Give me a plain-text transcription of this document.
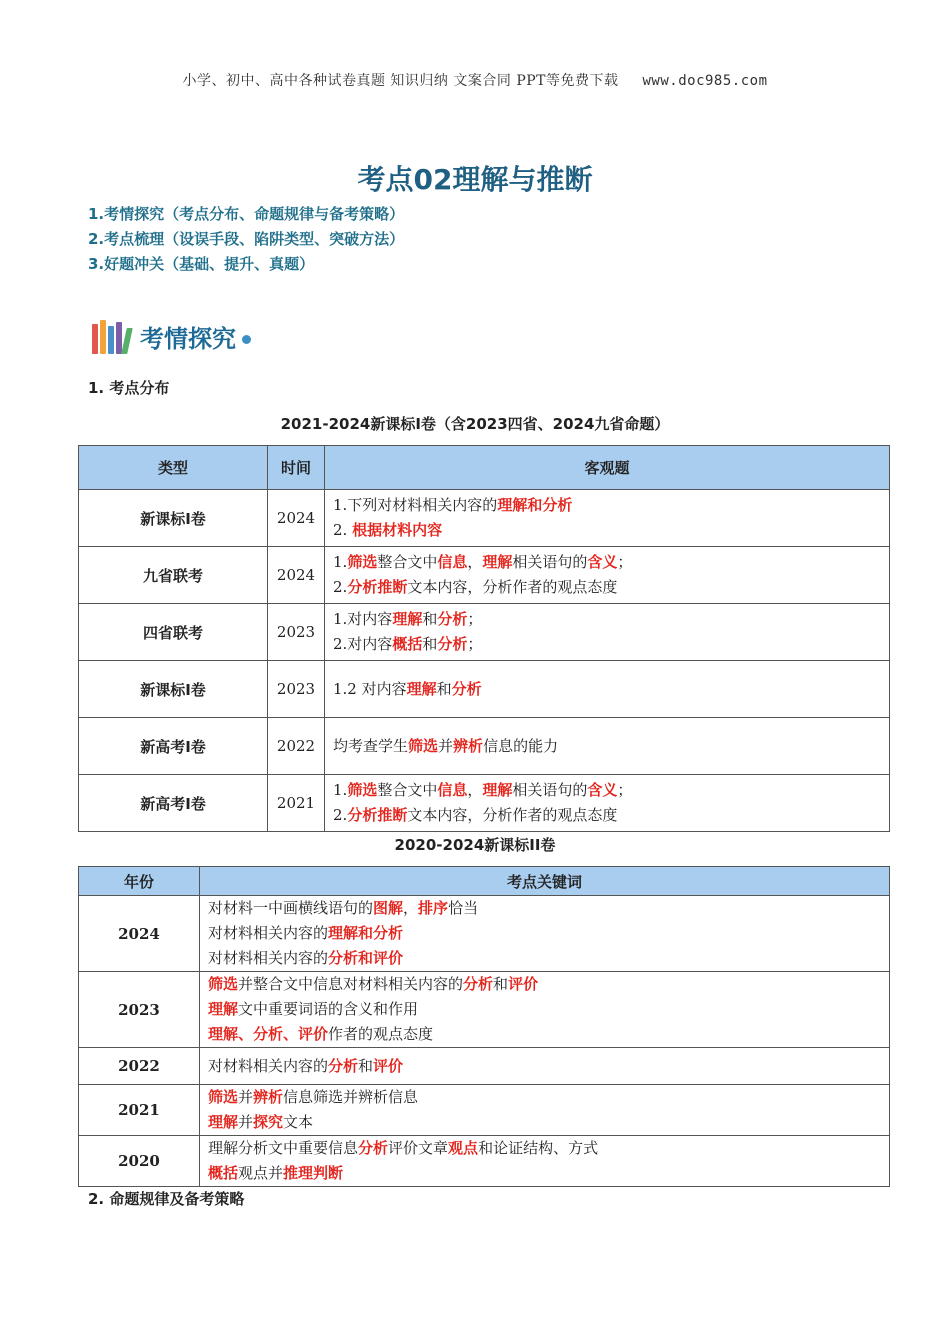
小学、初中、高中各种试卷真题 知识归纳 文案合同 PPT等免费下载 www.doc985.com
考点02理解与推断
1.考情探究（考点分布、命题规律与备考策略）
2.考点梳理（设误手段、陷阱类型、突破方法）
3.好题冲关（基础、提升、真题）
考情探究
1. 考点分布
2021-2024新课标Ⅰ卷（含2023四省、2024九省命题）
类型	时间	客观题
新课标Ⅰ卷	2024	1.下列对材料相关内容的理解和分析
2. 根据材料内容

九省联考	2024	1.筛选整合文中信息，理解相关语句的含义；
2.分析推断文本内容，分析作者的观点态度

四省联考	2023	1.对内容理解和分析；
2.对内容概括和分析；

新课标Ⅰ卷	2023	1.2 对内容理解和分析

新高考Ⅰ卷	2022	均考查学生筛选并辨析信息的能力

新高考Ⅰ卷	2021	1.筛选整合文中信息，理解相关语句的含义；
2.分析推断文本内容，分析作者的观点态度
2020-2024新课标II卷
年份	考点关键词
2024	对材料一中画横线语句的图解，排序恰当
对材料相关内容的理解和分析
对材料相关内容的分析和评价

2023	筛选并整合文中信息对材料相关内容的分析和评价
理解文中重要词语的含义和作用
理解、分析、评价作者的观点态度

2022	对材料相关内容的分析和评价

2021	筛选并辨析信息筛选并辨析信息
理解并探究文本

2020	理解分析文中重要信息分析评价文章观点和论证结构、方式
概括观点并推理判断
2. 命题规律及备考策略
